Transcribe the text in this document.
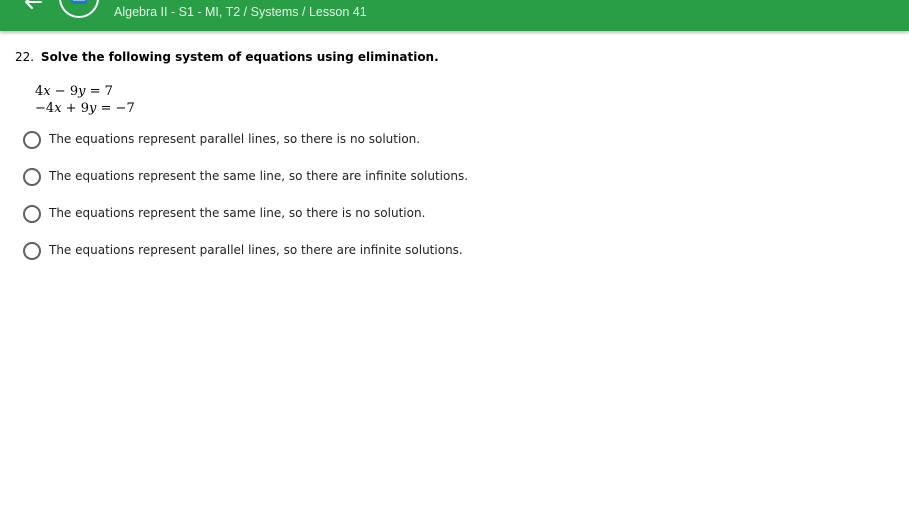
Algebra II - S1 - MI, T2 / Systems / Lesson 41
22. Solve the following system of equations using elimination.
4x − 9y = 7
−4x + 9y = −7
The equations represent parallel lines, so there is no solution.
The equations represent the same line, so there are infinite solutions.
The equations represent the same line, so there is no solution.
The equations represent parallel lines, so there are infinite solutions.
